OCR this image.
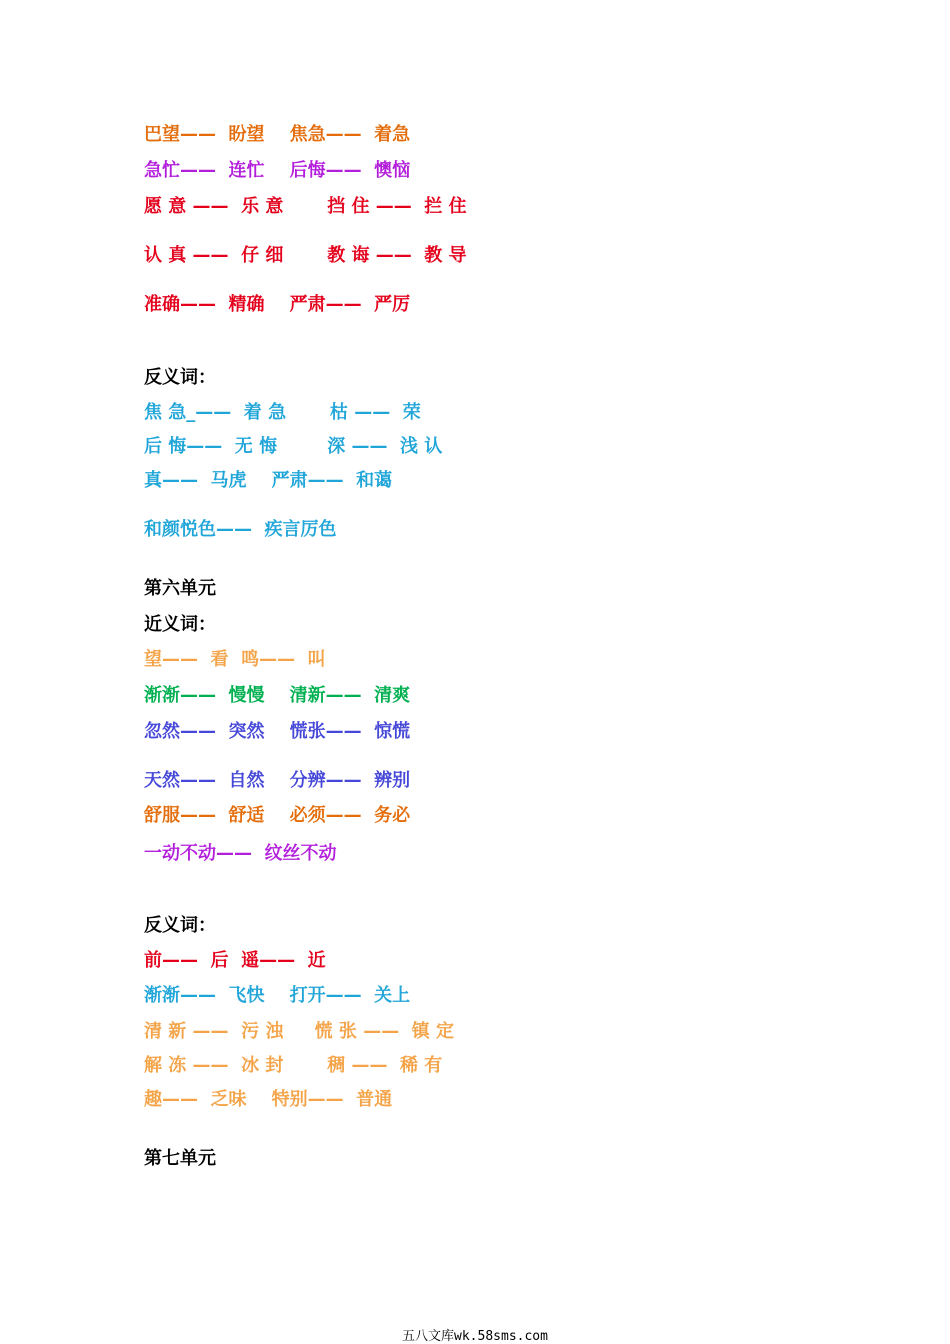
巴望——  盼望    焦急——  着急
急忙——  连忙    后悔——  懊恼
愿 意 ——  乐 意       挡 住 ——  拦 住
认 真 ——  仔 细       教 诲 ——  教 导
准确——  精确    严肃——  严厉
反义词：
焦 急_——  着 急       枯 ——  荣
后 悔——  无 悔        深 ——  浅 认
真——  马虎    严肃——  和蔼
和颜悦色——  疾言厉色
第六单元
近义词：
望——  看  鸣——  叫
渐渐——  慢慢    清新——  清爽
忽然——  突然    慌张——  惊慌
天然——  自然    分辨——  辨别
舒服——  舒适    必须——  务必
一动不动——  纹丝不动
反义词：
前——  后  遥——  近
渐渐——  飞快    打开——  关上
清 新 ——  污 浊     慌 张 ——  镇 定
解 冻 ——  冰 封       稠 ——  稀 有
趣——  乏味    特别——  普通
第七单元
五八文库wk.58sms.com
